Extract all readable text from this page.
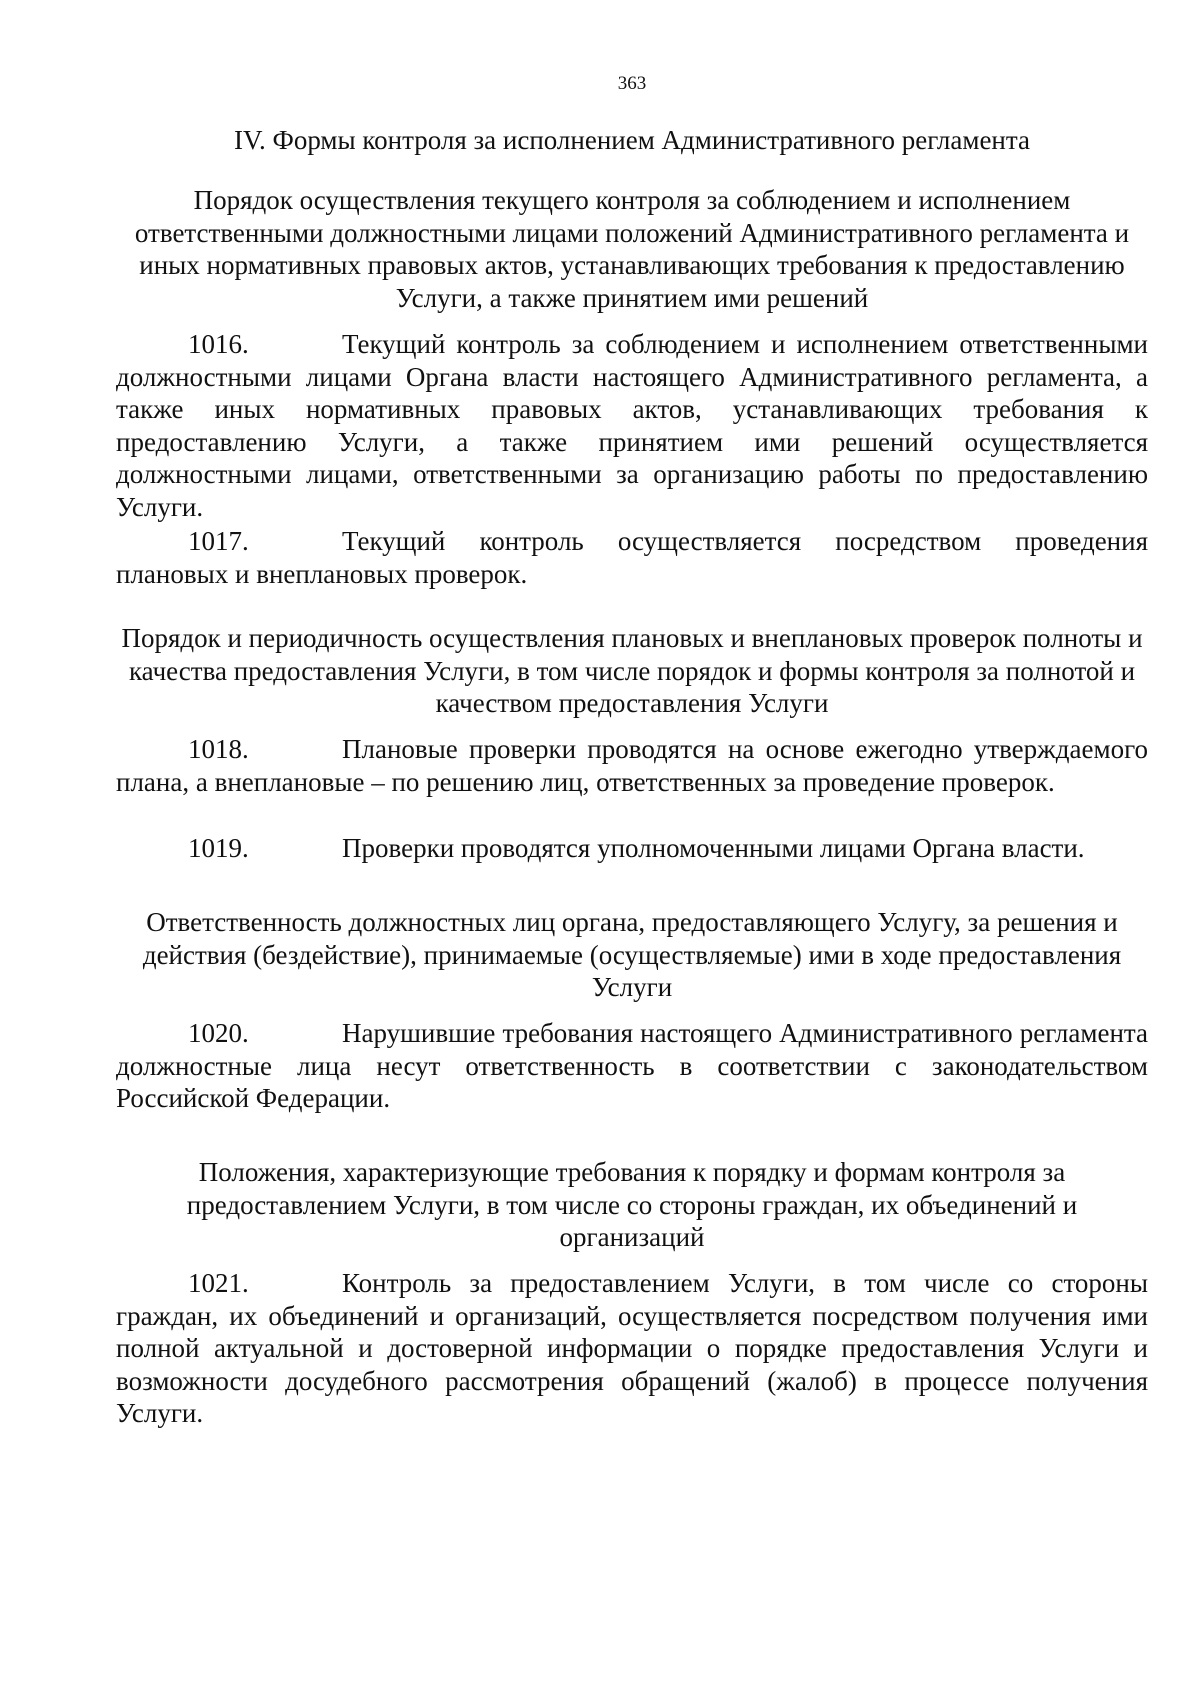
363
IV. Формы контроля за исполнением Административного регламента
Порядок осуществления текущего контроля за соблюдением и исполнением ответственными должностными лицами положений Административного регламента и иных нормативных правовых актов, устанавливающих требования к предоставлению Услуги, а также принятием ими решений
1016.	Текущий контроль за соблюдением и исполнением ответственными должностными лицами Органа власти настоящего Административного регламента, а также иных нормативных правовых актов, устанавливающих требования к предоставлению Услуги, а также принятием ими решений осуществляется должностными лицами, ответственными за организацию работы по предоставлению Услуги.
1017.	Текущий контроль осуществляется посредством проведения плановых и внеплановых проверок.
Порядок и периодичность осуществления плановых и внеплановых проверок полноты и качества предоставления Услуги, в том числе порядок и формы контроля за полнотой и качеством предоставления Услуги
1018.	Плановые проверки проводятся на основе ежегодно утверждаемого плана, а внеплановые – по решению лиц, ответственных за проведение проверок.
1019.	Проверки проводятся уполномоченными лицами Органа власти.
Ответственность должностных лиц органа, предоставляющего Услугу, за решения и действия (бездействие), принимаемые (осуществляемые) ими в ходе предоставления Услуги
1020.	Нарушившие требования настоящего Административного регламента должностные лица несут ответственность в соответствии с законодательством Российской Федерации.
Положения, характеризующие требования к порядку и формам контроля за предоставлением Услуги, в том числе со стороны граждан, их объединений и организаций
1021.	Контроль за предоставлением Услуги, в том числе со стороны граждан, их объединений и организаций, осуществляется посредством получения ими полной актуальной и достоверной информации о порядке предоставления Услуги и возможности досудебного рассмотрения обращений (жалоб) в процессе получения Услуги.
